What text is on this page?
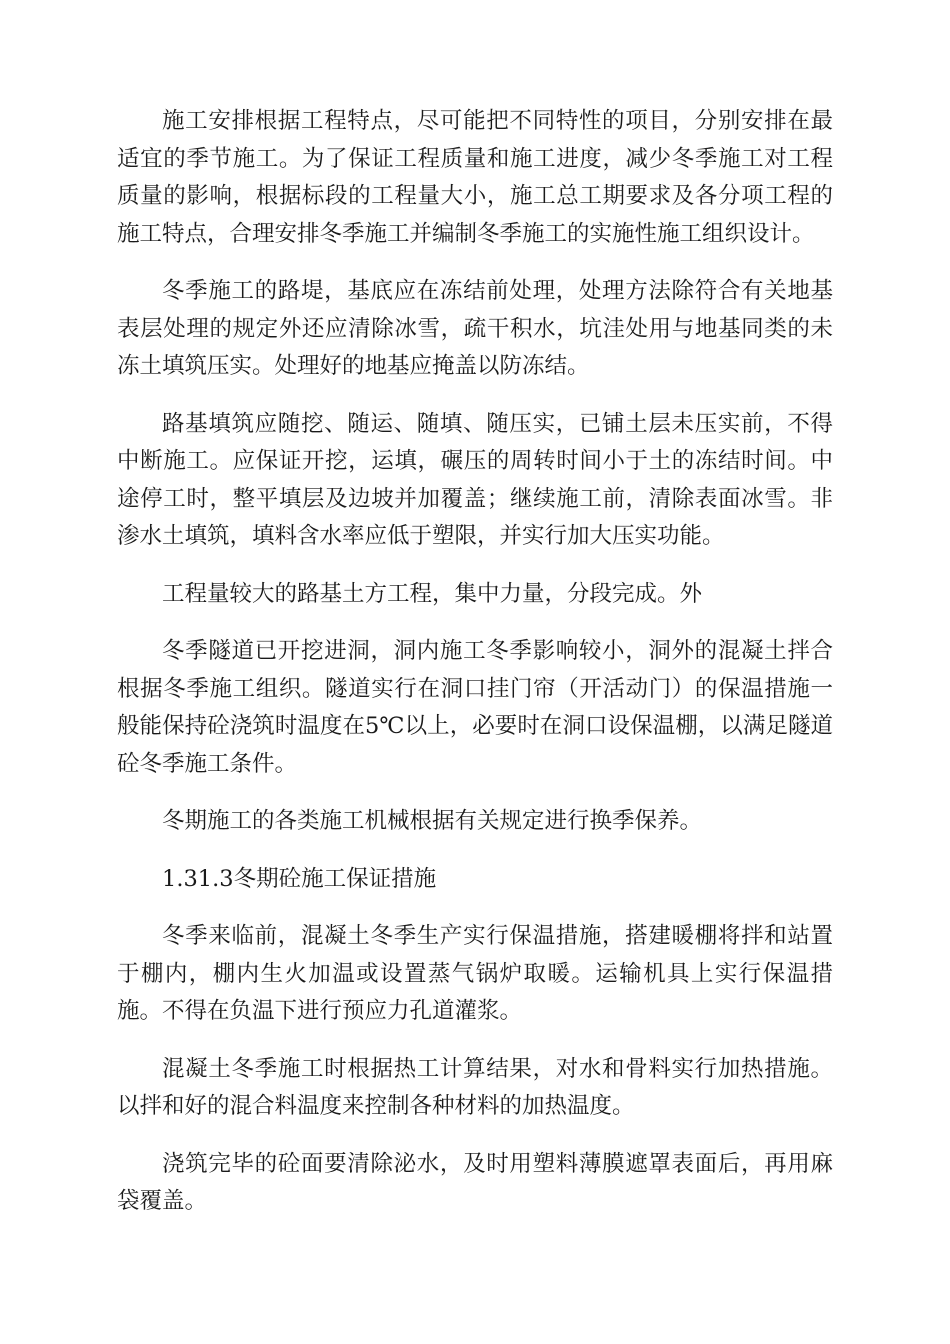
施工安排根据工程特点，尽可能把不同特性的项目，分别安排在最适宜的季节施工。为了保证工程质量和施工进度，减少冬季施工对工程质量的影响，根据标段的工程量大小，施工总工期要求及各分项工程的施工特点，合理安排冬季施工并编制冬季施工的实施性施工组织设计。

冬季施工的路堤，基底应在冻结前处理，处理方法除符合有关地基表层处理的规定外还应清除冰雪，疏干积水，坑洼处用与地基同类的未冻土填筑压实。处理好的地基应掩盖以防冻结。

路基填筑应随挖、随运、随填、随压实，已铺土层未压实前，不得中断施工。应保证开挖，运填，碾压的周转时间小于土的冻结时间。中途停工时，整平填层及边坡并加覆盖；继续施工前，清除表面冰雪。非渗水土填筑，填料含水率应低于塑限，并实行加大压实功能。

工程量较大的路基土方工程，集中力量，分段完成。外

冬季隧道已开挖进洞，洞内施工冬季影响较小，洞外的混凝土拌合根据冬季施工组织。隧道实行在洞口挂门帘（开活动门）的保温措施一般能保持砼浇筑时温度在5℃以上，必要时在洞口设保温棚，以满足隧道砼冬季施工条件。

冬期施工的各类施工机械根据有关规定进行换季保养。

1.31.3冬期砼施工保证措施

冬季来临前，混凝土冬季生产实行保温措施，搭建暖棚将拌和站置于棚内，棚内生火加温或设置蒸气锅炉取暖。运输机具上实行保温措施。不得在负温下进行预应力孔道灌浆。

混凝土冬季施工时根据热工计算结果，对水和骨料实行加热措施。以拌和好的混合料温度来控制各种材料的加热温度。

浇筑完毕的砼面要清除泌水，及时用塑料薄膜遮罩表面后，再用麻袋覆盖。
